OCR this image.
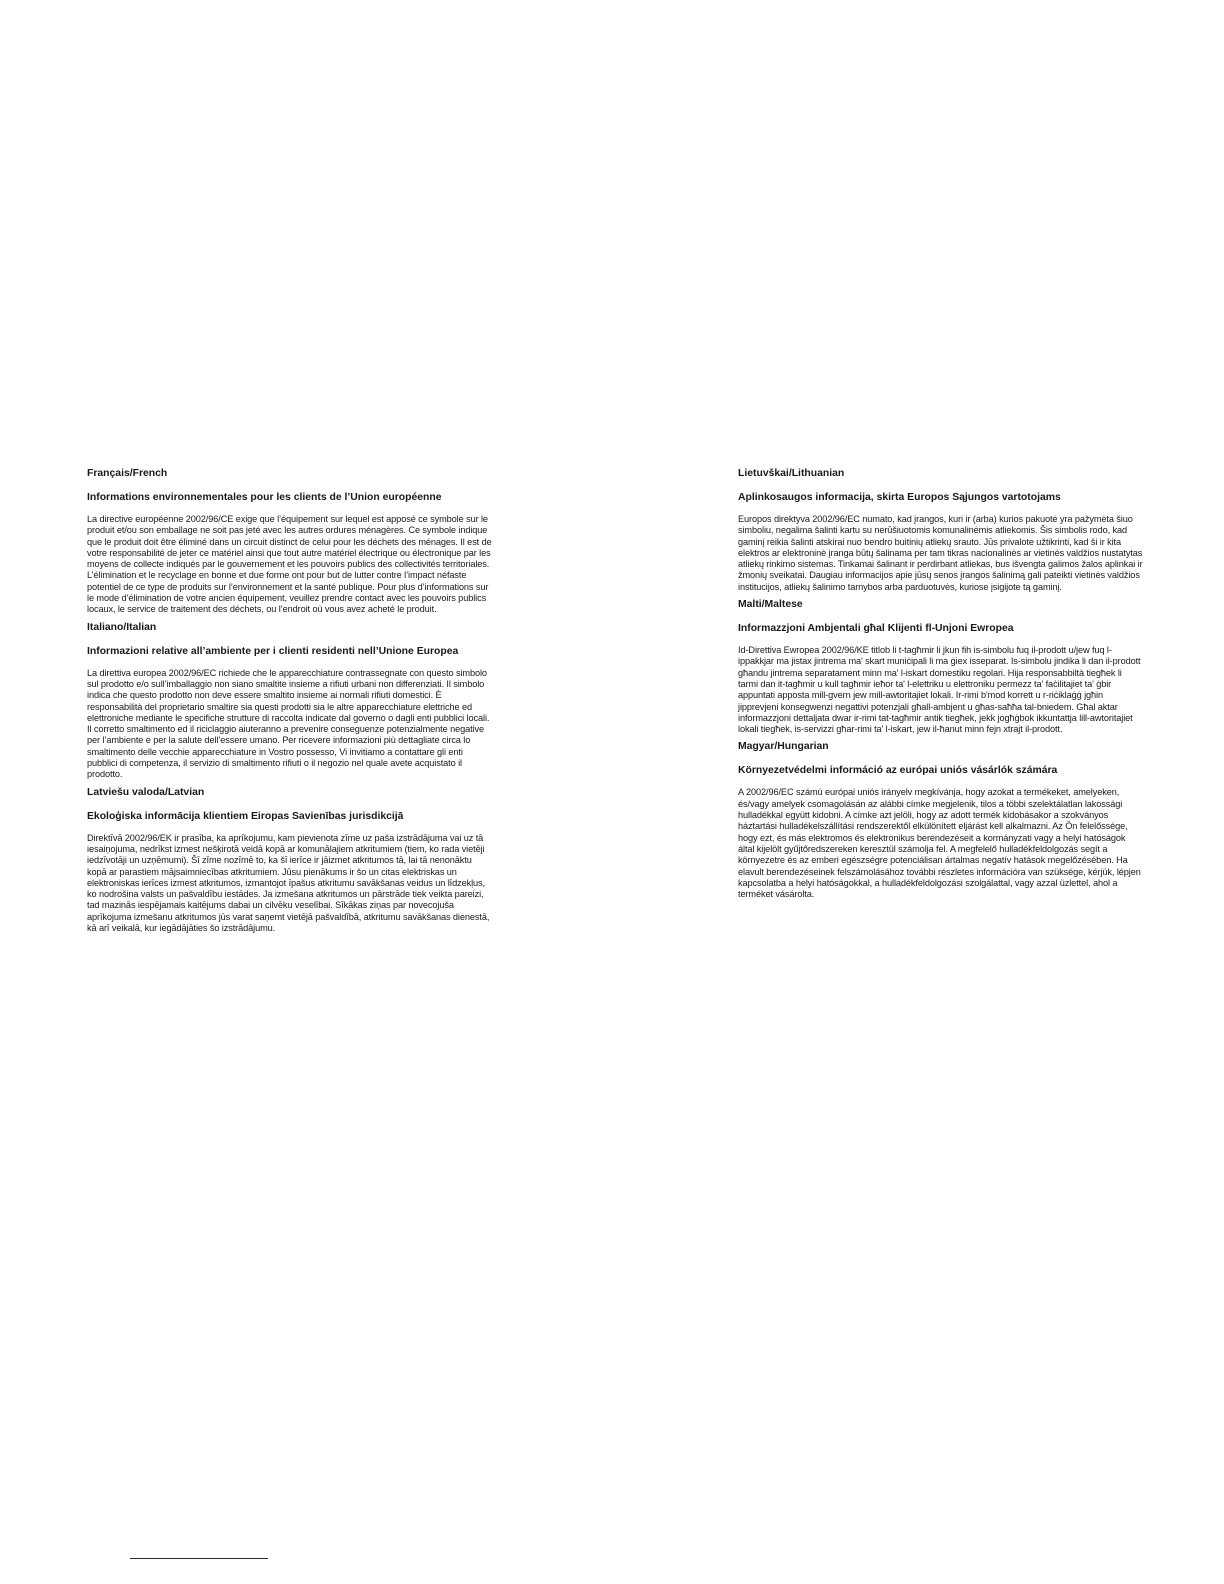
Français/French

Informations environnementales pour les clients de l’Union européenne

La directive européenne 2002/96/CE exige que l’équipement sur lequel est apposé ce symbole sur le produit et/ou son emballage ne soit pas jeté avec les autres ordures ménagères. Ce symbole indique que le produit doit être éliminé dans un circuit distinct de celui pour les déchets des ménages. Il est de votre responsabilité de jeter ce matériel ainsi que tout autre matériel électrique ou électronique par les moyens de collecte indiqués par le gouvernement et les pouvoirs publics des collectivités territoriales. L’élimination et le recyclage en bonne et due forme ont pour but de lutter contre l’impact néfaste potentiel de ce type de produits sur l’environnement et la santé publique. Pour plus d’informations sur le mode d’élimination de votre ancien équipement, veuillez prendre contact avec les pouvoirs publics locaux, le service de traitement des déchets, ou l’endroit où vous avez acheté le produit.

Italiano/Italian

Informazioni relative all’ambiente per i clienti residenti nell’Unione Europea

La direttiva europea 2002/96/EC richiede che le apparecchiature contrassegnate con questo simbolo sul prodotto e/o sull’imballaggio non siano smaltite insieme a rifiuti urbani non differenziati. Il simbolo indica che questo prodotto non deve essere smaltito insieme ai normali rifiuti domestici. È responsabilità del proprietario smaltire sia questi prodotti sia le altre apparecchiature elettriche ed elettroniche mediante le specifiche strutture di raccolta indicate dal governo o dagli enti pubblici locali. Il corretto smaltimento ed il riciclaggio aiuteranno a prevenire conseguenze potenzialmente negative per l’ambiente e per la salute dell’essere umano. Per ricevere informazioni più dettagliate circa lo smaltimento delle vecchie apparecchiature in Vostro possesso, Vi invitiamo a contattare gli enti pubblici di competenza, il servizio di smaltimento rifiuti o il negozio nel quale avete acquistato il prodotto.

Latviešu valoda/Latvian

Ekoloģiska informācija klientiem Eiropas Savienības jurisdikcijā

Direktīvā 2002/96/EK ir prasība, ka aprīkojumu, kam pievienota zīme uz paša izstrādājuma vai uz tā iesaiņojuma, nedrīkst izmest nešķirotā veidā kopā ar komunālajiem atkritumiem (tiem, ko rada vietēji iedzīvotāji un uzņēmumi). Šī zīme nozīmē to, ka šī ierīce ir jāizmet atkritumos tā, lai tā nenonāktu kopā ar parastiem mājsaimniecības atkritumiem. Jūsu pienākums ir šo un citas elektriskas un elektroniskas ierīces izmest atkritumos, izmantojot īpašus atkritumu savākšanas veidus un līdzekļus, ko nodrošina valsts un pašvaldību iestādes. Ja izmešana atkritumos un pārstrāde tiek veikta pareizi, tad mazinās iespējamais kaitējums dabai un cilvēku veselībai. Sīkākas ziņas par novecojuša aprīkojuma izmešanu atkritumos jūs varat saņemt vietējā pašvaldībā, atkritumu savākšanas dienestā, kā arī veikalā, kur iegādājāties šo izstrādājumu.

Lietuvškai/Lithuanian

Aplinkosaugos informacija, skirta Europos Sąjungos vartotojams

Europos direktyva 2002/96/EC numato, kad įrangos, kuri ir (arba) kurios pakuotė yra pažymėta šiuo simboliu, negalima šalinti kartu su nerūšiuotomis komunalinėmis atliekomis. Šis simbolis rodo, kad gaminį reikia šalinti atskirai nuo bendro buitinių atliekų srauto. Jūs privalote užtikrinti, kad ši ir kita elektros ar elektroninė įranga būtų šalinama per tam tikras nacionalinės ar vietinės valdžios nustatytas atliekų rinkimo sistemas. Tinkamai šalinant ir perdirbant atliekas, bus išvengta galimos žalos aplinkai ir žmonių sveikatai. Daugiau informacijos apie jūsų senos įrangos šalinimą gali pateikti vietinės valdžios institucijos, atliekų šalinimo tarnybos arba parduotuvės, kuriose įsigijote tą gaminį.

Malti/Maltese

Informazzjoni Ambjentali għal Klijenti fl-Unjoni Ewropea

Id-Direttiva Ewropea 2002/96/KE titlob li t-tagħmir li jkun fih is-simbolu fuq il-prodott u/jew fuq l-ippakkjar ma jistax jintrema ma' skart muniċipali li ma ġiex isseparat. Is-simbolu jindika li dan il-prodott għandu jintrema separatament minn ma' l-iskart domestiku regolari. Hija responsabbiltà tiegħek li tarmi dan it-tagħmir u kull tagħmir ieħor ta' l-elettriku u elettroniku permezz ta' faċilitajiet ta' ġbir appuntati apposta mill-gvern jew mill-awtoritajiet lokali. Ir-rimi b'mod korrett u r-riċiklaġġ jgħin jipprevjeni konsegwenzi negattivi potenzjali għall-ambjent u għas-saħħa tal-bniedem. Għal aktar informazzjoni dettaljata dwar ir-rimi tat-tagħmir antik tiegħek, jekk jogħġbok ikkuntattja lill-awtoritajiet lokali tiegħek, is-servizzi għar-rimi ta' l-iskart, jew il-ħanut minn fejn xtrajt il-prodott.

Magyar/Hungarian

Környezetvédelmi információ az európai uniós vásárlók számára

A 2002/96/EC számú európai uniós irányelv megkívánja, hogy azokat a termékeket, amelyeken, és/vagy amelyek csomagolásán az alábbi címke megjelenik, tilos a többi szelektálatlan lakossági hulladékkal együtt kidobni. A címke azt jelöli, hogy az adott termék kidobásakor a szokványos háztartási hulladékelszállítási rendszerektől elkülönített eljárást kell alkalmazni. Az Ön felelőssége, hogy ezt, és más elektromos és elektronikus berendezéseit a kormányzati vagy a helyi hatóságok által kijelölt gyűjtőredszereken keresztül számolja fel. A megfelelő hulladékfeldolgozás segít a környezetre és az emberi egészségre potenciálisan ártalmas negatív hatások megelőzésében. Ha elavult berendezéseinek felszámolásához további részletes információra van szüksége, kérjük, lépjen kapcsolatba a helyi hatóságokkal, a hulladékfeldolgozási szolgálattal, vagy azzal üzlettel, ahol a terméket vásárolta.
